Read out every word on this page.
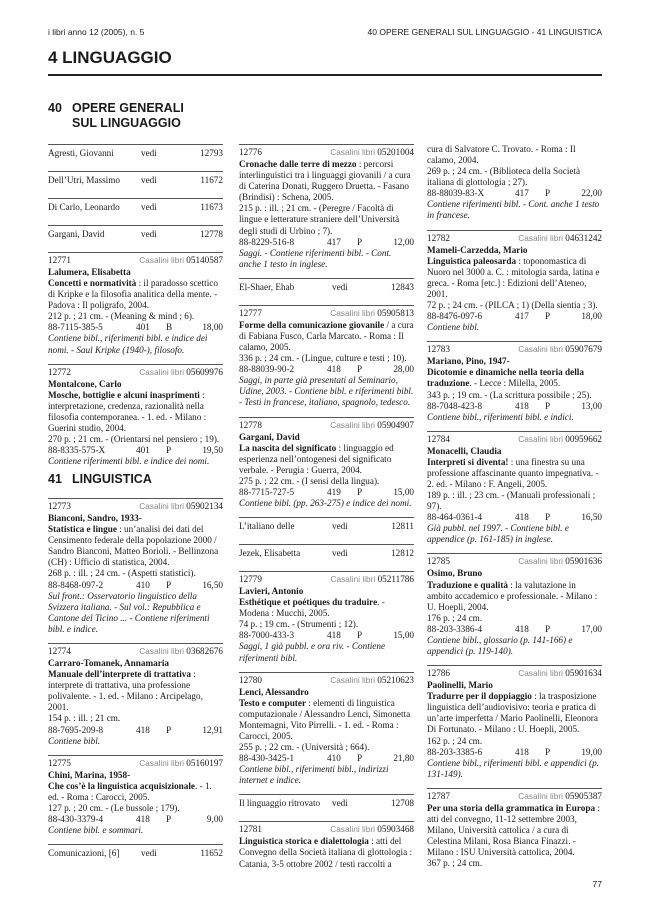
i libri anno 12 (2005), n. 5	40 OPERE GENERALI SUL LINGUAGGIO - 41 LINGUISTICA
4 LINGUAGGIO
40 OPERE GENERALI SUL LINGUAGGIO
Agresti, Giovanni	vedi	12793
Dell’Utri, Massimo vedi	11672
Di Carlo, Leonardo vedi	11673
Gargani, David	vedi	12778
12771	Casalini libri 05140587
Lalumera, Elisabetta
Concetti e normatività : il paradosso scettico di Kripke e la filosofia analitica della mente. - Padova : Il poligrafo, 2004.
212 p. ; 21 cm. - (Meaning & mind ; 6).
88-7115-385-5	401 B	18,00
Contiene bibl., riferimenti bibl. e indice dei nomi. - Saul Kripke (1940-), filosofo.
12772	Casalini libri 05609976
Montalcone, Carlo
Mosche, bottiglie e alcuni inasprimenti : interpretazione, credenza, razionalità nella filosofia contemporanea. - 1. ed. - Milano : Guerini studio, 2004.
270 p. ; 21 cm. - (Orientarsi nel pensiero ; 19).
88-8335-575-X	401 P	19,50
Contiene riferimenti bibl. e indice dei nomi.
41 LINGUISTICA
12773	Casalini libri 05902134
Bianconi, Sandro, 1933-
Statistica e lingue : un’analisi dei dati del Censimento federale della popolazione 2000 / Sandro Bianconi, Matteo Borioli. - Bellinzona (CH) : Ufficio di statistica, 2004.
268 p. : ill. ; 24 cm. - (Aspetti statistici).
88-8468-097-2	410 P	16,50
Sul front.: Osservatorio linguistico della Svizzera italiana. - Sul vol.: Repubblica e Cantone del Ticino ... - Contiene riferimenti bibl. e indice.
12774	Casalini libri 03682676
Carraro-Tomanek, Annamaria
Manuale dell’interprete di trattativa : interprete di trattativa, una professione polivalente. - 1. ed. - Milano : Arcipelago, 2001.
154 p. : ill. ; 21 cm.
88-7695-209-8	418 P	12,91
Contiene bibl.
12775	Casalini libri 05160197
Chini, Marina, 1958-
Che cos’è la linguistica acquisizionale. - 1. ed. - Roma : Carocci, 2005.
127 p. ; 20 cm. - (Le bussole ; 179).
88-430-3379-4	418 P	9,00
Contiene bibl. e sommari.
Comunicazioni, [6] vedi	11652
12776	Casalini libri 05201004
Cronache dalle terre di mezzo : percorsi interlinguistici tra i linguaggi giovanili / a cura di Caterina Donati, Ruggero Druetta. - Fasano (Brindisi) : Schena, 2005.
215 p. : ill. ; 21 cm. - (Peregre / Facoltà di lingue e letterature straniere dell’Università degli studi di Urbino ; 7).
88-8229-516-8	417 P	12,00
Saggi. - Contiene riferimenti bibl. - Cont. anche 1 testo in inglese.
El-Shaer, Ehab	vedi	12843
12777	Casalini libri 05905813
Forme della comunicazione giovanile / a cura di Fabiana Fusco, Carla Marcato. - Roma : Il calamo, 2005.
336 p. ; 24 cm. - (Lingue, culture e testi ; 10).
88-88039-90-2	418 P	28,00
Saggi, in parte già presentati al Seminario, Udine, 2003. - Contiene bibl. e riferimenti bibl. - Testi in francese, italiano, spagnolo, tedesco.
12778	Casalini libri 05904907
Gargani, David
La nascita del significato : linguaggio ed esperienza nell’ontogenesi del significato verbale. - Perugia : Guerra, 2004.
275 p. ; 22 cm. - (I sensi della lingua).
88-7715-727-5	419 P	15,00
Contiene bibl. (pp. 263-275) e indice dei nomi.
L’italiano delle	vedi	12811
Jezek, Elisabetta	vedi	12812
12779	Casalini libri 05211786
Lavieri, Antonio
Esthétique et poétiques du traduire. - Modena : Mucchi, 2005.
74 p. ; 19 cm. - (Strumenti ; 12).
88-7000-433-3	418 P	15,00
Saggi, 1 già pubbl. e ora riv. - Contiene riferimenti bibl.
12780	Casalini libri 05210623
Lenci, Alessandro
Testo e computer : elementi di linguistica computazionale / Alessandro Lenci, Simonetta Montemagni, Vito Pirrelli. - 1. ed. - Roma : Carocci, 2005.
255 p. ; 22 cm. - (Università ; 664).
88-430-3425-1	410 P	21,80
Contiene bibl., riferimenti bibl., indirizzi internet e indice.
Il linguaggio ritrovato vedi	12708
12781	Casalini libri 05903468
Linguistica storica e dialettologia : atti del Convegno della Società italiana di glottologia : Catania, 3-5 ottobre 2002 / testi raccolti a
cura di Salvatore C. Trovato. - Roma : Il calamo, 2004.
269 p. ; 24 cm. - (Biblioteca della Società italiana di glottologia ; 27).
88-88039-83-X	417 P	22,00
Contiene riferimenti bibl. - Cont. anche 1 testo in francese.
12782	Casalini libri 04631242
Mameli-Carzedda, Mario
Linguistica paleosarda : toponomastica di Nuoro nel 3000 a. C. : mitologia sarda, latina e greca. - Roma [etc.] : Edizioni dell’Ateneo, 2001.
72 p. ; 24 cm. - (PILCA ; 1) (Della sientia ; 3).
88-8476-097-6	417 P	18,00
Contiene bibl.
12783	Casalini libri 05907679
Mariano, Pino, 1947-
Dicotomie e dinamiche nella teoria della traduzione. - Lecce : Milella, 2005.
343 p. ; 19 cm. - (La scrittura possibile ; 25).
88-7048-423-8	418 P	13,00
Contiene bibl., riferimenti bibl. e indici.
12784	Casalini libri 00959662
Monacelli, Claudia
Interpreti si diventa! : una finestra su una professione affascinante quanto impegnativa. - 2. ed. - Milano : F. Angeli, 2005.
189 p. : ill. ; 23 cm. - (Manuali professionali ; 97).
88-464-0361-4	418 P	16,50
Già pubbl. nel 1997. - Contiene bibl. e appendice (p. 161-185) in inglese.
12785	Casalini libri 05901636
Osimo, Bruno
Traduzione e qualità : la valutazione in ambito accademico e professionale. - Milano : U. Hoepli, 2004.
176 p. ; 24 cm.
88-203-3386-4	418 P	17,00
Contiene bibl., glossario (p. 141-166) e appendici (p. 119-140).
12786	Casalini libri 05901634
Paolinelli, Mario
Tradurre per il doppiaggio : la trasposizione linguistica dell’audiovisivo: teoria e pratica di un’arte imperfetta / Mario Paolinelli, Eleonora Di Fortunato. - Milano : U. Hoepli, 2005.
162 p. ; 24 cm.
88-203-3385-6	418 P	19,00
Contiene bibl., riferimenti bibl. e appendici (p. 131-149).
12787	Casalini libri 05905387
Per una storia della grammatica in Europa : atti del convegno, 11-12 settembre 2003, Milano, Università cattolica / a cura di Celestina Milani, Rosa Bianca Finazzi. - Milano : ISU Università cattolica, 2004.
367 p. ; 24 cm.
77
